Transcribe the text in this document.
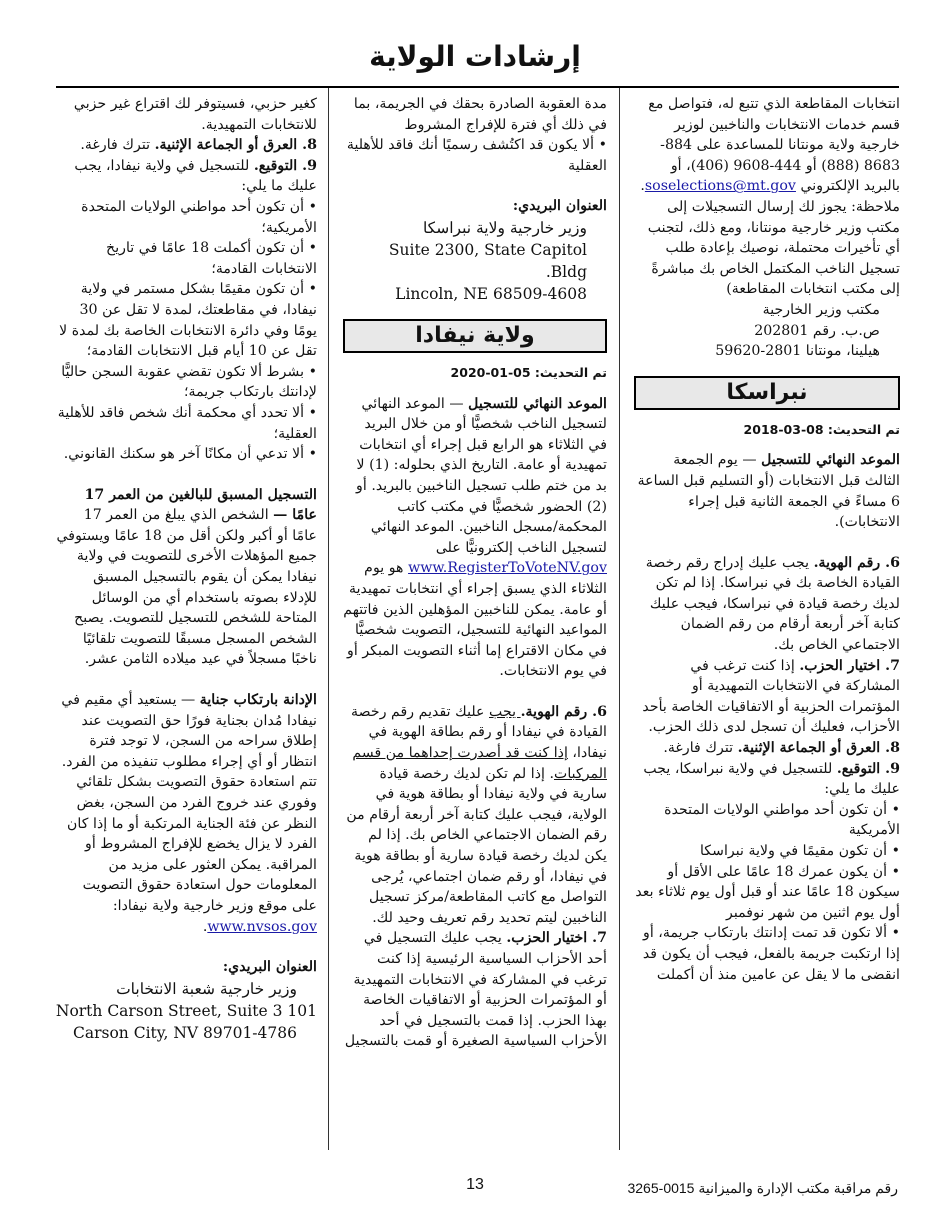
إرشادات الولاية

انتخابات المقاطعة الذي تتبع له، فتواصل مع قسم خدمات الانتخابات والناخبين لوزير خارجية ولاية مونتانا للمساعدة على 884-8683 (888) أو 444-9608 (406)، أو بالبريد الإلكتروني soselections@mt.gov. ملاحظة: يجوز لك إرسال التسجيلات إلى مكتب وزير خارجية مونتانا، ومع ذلك، لتجنب أي تأخيرات محتملة، نوصيك بإعادة طلب تسجيل الناخب المكتمل الخاص بك مباشرةً إلى مكتب انتخابات المقاطعة)

مكتب وزير الخارجية

ص.ب. رقم 202801

هيلينا، مونتانا 2801-59620

نبراسكا

تم التحديث: 08-03-2018

الموعد النهائي للتسجيل — يوم الجمعة الثالث قبل الانتخابات (أو التسليم قبل الساعة 6 مساءً في الجمعة الثانية قبل إجراء الانتخابات).

6. رقم الهوية. يجب عليك إدراج رقم رخصة القيادة الخاصة بك في نبراسكا. إذا لم تكن لديك رخصة قيادة في نبراسكا، فيجب عليك كتابة آخر أربعة أرقام من رقم الضمان الاجتماعي الخاص بك.

7. اختيار الحزب. إذا كنت ترغب في المشاركة في الانتخابات التمهيدية أو المؤتمرات الحزبية أو الاتفاقيات الخاصة بأحد الأحزاب، فعليك أن تسجل لدى ذلك الحزب.

8. العرق أو الجماعة الإثنية. تترك فارغة.

9. التوقيع. للتسجيل في ولاية نبراسكا، يجب عليك ما يلي:

• أن تكون أحد مواطني الولايات المتحدة الأمريكية

• أن تكون مقيمًا في ولاية نبراسكا

• أن يكون عمرك 18 عامًا على الأقل أو سيكون 18 عامًا عند أو قبل أول يوم ثلاثاء بعد أول يوم اثنين من شهر نوفمبر

• ألا تكون قد تمت إدانتك بارتكاب جريمة، أو إذا ارتكبت جريمة بالفعل، فيجب أن يكون قد انقضى ما لا يقل عن عامين منذ أن أكملت

مدة العقوبة الصادرة بحقك في الجريمة، بما في ذلك أي فترة للإفراج المشروط

• ألا يكون قد اكتُشف رسميًا أنك فاقد للأهلية العقلية

العنوان البريدي:

وزير خارجية ولاية نبراسكا

Suite 2300, State Capitol Bldg.

Lincoln, NE 68509-4608

ولاية نيفادا

تم التحديث: 05-01-2020

الموعد النهائي للتسجيل — الموعد النهائي لتسجيل الناخب شخصيًّا أو من خلال البريد في الثلاثاء هو الرابع قبل إجراء أي انتخابات تمهيدية أو عامة. التاريخ الذي بحلوله: (1) لا بد من ختم طلب تسجيل الناخبين بالبريد. أو (2) الحضور شخصيًّا في مكتب كاتب المحكمة/مسجل الناخبين. الموعد النهائي لتسجيل الناخب إلكترونيًّا على www.RegisterToVoteNV.gov هو يوم الثلاثاء الذي يسبق إجراء أي انتخابات تمهيدية أو عامة. يمكن للناخبين المؤهلين الذين فاتتهم المواعيد النهائية للتسجيل، التصويت شخصيًّا في مكان الاقتراع إما أثناء التصويت المبكر أو في يوم الانتخابات.

6. رقم الهوية. يجب عليك تقديم رقم رخصة القيادة في نيفادا أو رقم بطاقة الهوية في نيفادا، إذا كنت قد أصدرت إحداهما من قسم المركبات. إذا لم تكن لديك رخصة قيادة سارية في ولاية نيفادا أو بطاقة هوية في الولاية، فيجب عليك كتابة آخر أربعة أرقام من رقم الضمان الاجتماعي الخاص بك. إذا لم يكن لديك رخصة قيادة سارية أو بطاقة هوية في نيفادا، أو رقم ضمان اجتماعي، يُرجى التواصل مع كاتب المقاطعة/مركز تسجيل الناخبين ليتم تحديد رقم تعريف وحيد لك.

7. اختيار الحزب. يجب عليك التسجيل في أحد الأحزاب السياسية الرئيسية إذا كنت ترغب في المشاركة في الانتخابات التمهيدية أو المؤتمرات الحزبية أو الاتفاقيات الخاصة بهذا الحزب. إذا قمت بالتسجيل في أحد الأحزاب السياسية الصغيرة أو قمت بالتسجيل

كغير حزبي، فسيتوفر لك اقتراع غير حزبي للانتخابات التمهيدية.

8. العرق أو الجماعة الإثنية. تترك فارغة.

9. التوقيع. للتسجيل في ولاية نيفادا، يجب عليك ما يلي:

• أن تكون أحد مواطني الولايات المتحدة الأمريكية؛

• أن تكون أكملت 18 عامًا في تاريخ الانتخابات القادمة؛

• أن تكون مقيمًا بشكل مستمر في ولاية نيفادا، في مقاطعتك، لمدة لا تقل عن 30 يومًا وفي دائرة الانتخابات الخاصة بك لمدة لا تقل عن 10 أيام قبل الانتخابات القادمة؛

• بشرط ألا تكون تقضي عقوبة السجن حاليًّا لإدانتك بارتكاب جريمة؛

• ألا تحدد أي محكمة أنك شخص فاقد للأهلية العقلية؛

• ألا تدعي أن مكانًا آخر هو سكنك القانوني.

التسجيل المسبق للبالغين من العمر 17 عامًا — الشخص الذي يبلغ من العمر 17 عامًا أو أكبر ولكن أقل من 18 عامًا ويستوفي جميع المؤهلات الأخرى للتصويت في ولاية نيفادا يمكن أن يقوم بالتسجيل المسبق للإدلاء بصوته باستخدام أي من الوسائل المتاحة للشخص للتسجيل للتصويت. يصبح الشخص المسجل مسبقًا للتصويت تلقائيًا ناخبًا مسجلاً في عيد ميلاده الثامن عشر.

الإدانة بارتكاب جناية — يستعيد أي مقيم في نيفادا مُدان بجناية فورًا حق التصويت عند إطلاق سراحه من السجن، لا توجد فترة انتظار أو أي إجراء مطلوب تنفيذه من الفرد. تتم استعادة حقوق التصويت بشكل تلقائي وفوري عند خروج الفرد من السجن، بغض النظر عن فئة الجناية المرتكبة أو ما إذا كان الفرد لا يزال يخضع للإفراج المشروط أو المراقبة. يمكن العثور على مزيد من المعلومات حول استعادة حقوق التصويت على موقع وزير خارجية ولاية نيفادا: www.nvsos.gov.

العنوان البريدي:

وزير خارجية شعبة الانتخابات

101 North Carson Street, Suite 3

Carson City, NV 89701-4786

13	رقم مراقبة مكتب الإدارة والميزانية 0015-3265
